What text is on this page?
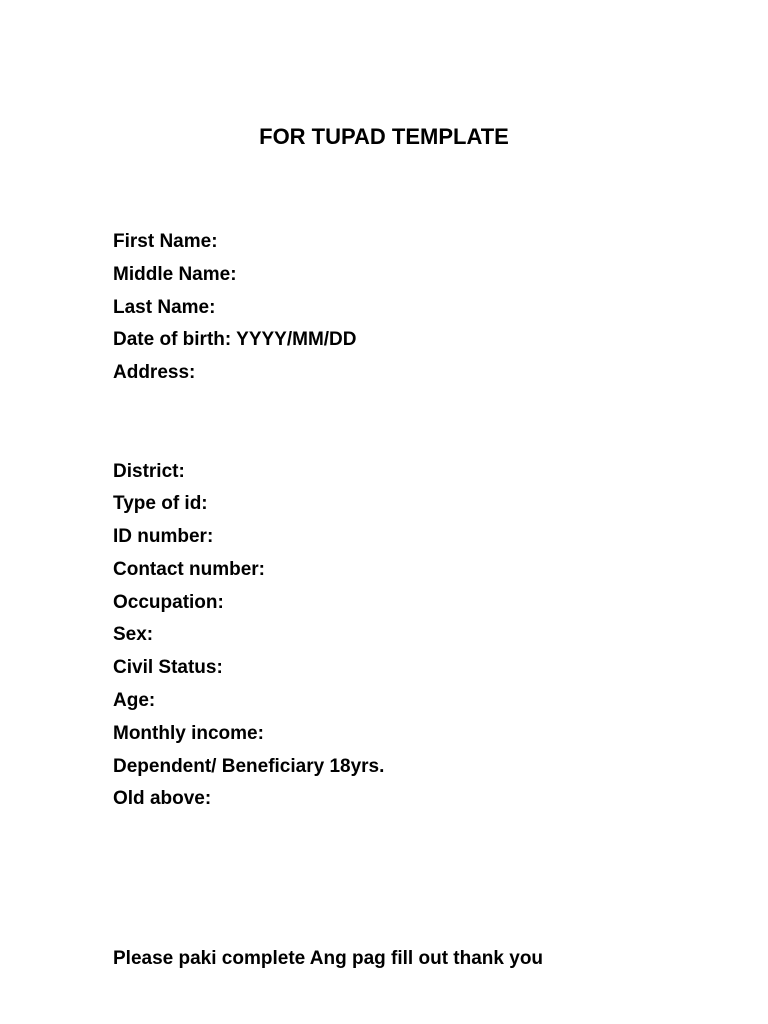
FOR TUPAD TEMPLATE
First Name:
Middle Name:
Last Name:
Date of birth: YYYY/MM/DD
Address:
District:
Type of id:
ID number:
Contact number:
Occupation:
Sex:
Civil Status:
Age:
Monthly income:
Dependent/ Beneficiary 18yrs.
Old above:

Please paki complete Ang pag fill out thank you
